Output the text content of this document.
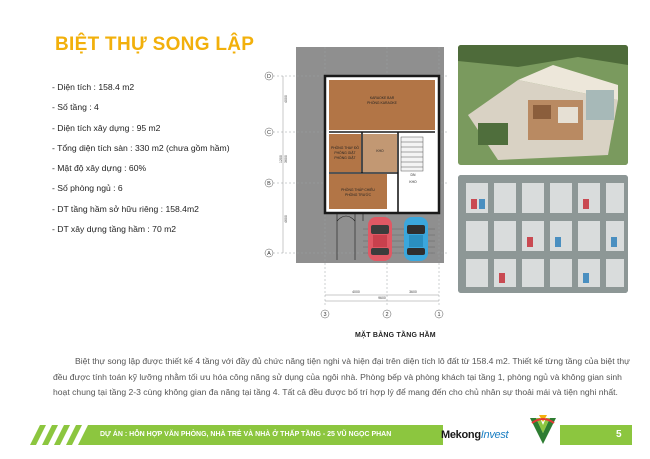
BIỆT THỰ SONG LẬP
- Diện tích : 158.4 m2
- Số tầng : 4
- Diện tích xây dựng : 95 m2
- Tổng diện tích sàn : 330 m2 (chưa gồm hầm)
- Mật độ xây dựng : 60%
- Số phòng ngủ : 6
- DT tầng hầm sở hữu riêng : 158.4m2
- DT xây dựng tầng hầm : 70 m2
KARAOKE BAR
PHÒNG KARAOKE
PHÒNG THAY ĐỒ
PHÒNG GIẶT
PHÒNG GIẶT
KHO
PHÒNG THÁP CHIÊU
PHÒNG TRƯỚC
KHO
DN
D
C
B
A
4000
1200 3600
4600
4000
9600
3600
3	2	1

MẶT BẰNG TẦNG HẦM

Biệt thự song lập được thiết kế 4 tầng với đầy đủ chức năng tiện nghi và hiện đại trên diện tích lô đất từ 158.4 m2. Thiết kế từng tầng của biệt thự đều được tính toán kỹ lưỡng nhằm tối ưu hóa công năng sử dụng của ngôi nhà. Phòng bếp và phòng khách tại tầng 1, phòng ngủ và không gian sinh hoạt chung tại tầng 2-3 cùng không gian đa năng tại tầng 4. Tất cả đều được bố trí hợp lý để mang đến cho chủ nhân sự thoải mái và tiện nghi nhất.

DỰ ÁN : HỖN HỢP VĂN PHÒNG, NHÀ TRẺ VÀ NHÀ Ở THẤP TẦNG - 25 VŨ NGỌC PHAN	MekongInvest	5
